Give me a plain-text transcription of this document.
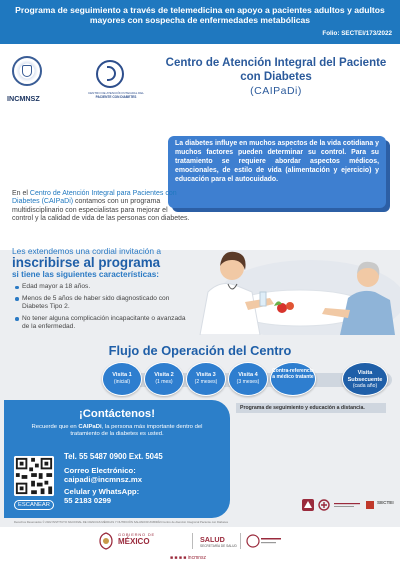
Programa de seguimiento a través de telemedicina en apoyo a pacientes adultos y adultos mayores con sospecha de enfermedades metabólicas
Folio: SECTEI/173/2022
INCMNSZ
CENTRO DE ATENCIÓN INTEGRAL DEL
PACIENTE CON DIABETES
Centro de Atención Integral del Paciente con Diabetes
(CAIPaDi)
La diabetes influye en muchos aspectos de la vida cotidiana y muchos factores pueden determinar su control. Para su tratamiento se requiere abordar aspectos médicos, emocionales, de estilo de vida (alimentación y ejercicio) y educación para el autocuidado.
En el Centro de Atención Integral para Pacientes con Diabetes (CAIPaDi) contamos con un programa multidisciplinario con especialistas para mejorar el control y la calidad de vida de las personas con diabetes.
Les extendemos una cordial invitación a
inscribirse al programa
si tiene las siguientes características:
Edad mayor a 18 años.
Menos de 5 años de haber sido diagnosticado con Diabetes Tipo 2.
No tener alguna complicación incapacitante o avanzada de la enfermedad.
Flujo de Operación del Centro
Visita 1
(inicial)
Visita 2
(1 mes)
Visita 3
(2 meses)
Visita 4
(3 meses)
Contra-referencia a médico tratante
Visita Subsecuente
(cada año)
Programa de seguimiento y educación a distancia.
¡Contáctenos!
Recuerde que en CAIPaDi, la persona más importante dentro del tratamiento de la diabetes es usted.
ESCANEAR
Tel. 55 5487 0900 Ext. 5045
Correo Electrónico:
caipadi@incmnsz.mx
Celular y WhatsApp:
55 2183 0299	SECTEI
Derechos Reservados © 2022 INSTITUTO NACIONAL DE CIENCIAS MÉDICAS Y NUTRICIÓN SALVADOR ZUBIRÁN Centro de Atención Integral al Paciente con Diabetes
GOBIERNO DE
MÉXICO	SALUD
SECRETARÍA DE SALUD
■ ■ ■ ■ incmnsz
